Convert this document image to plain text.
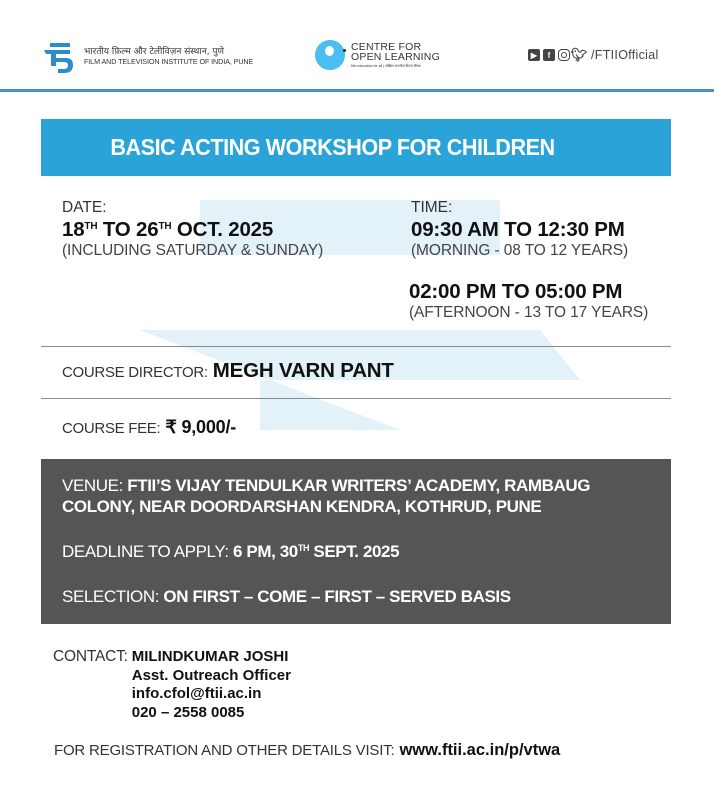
भारतीय फ़िल्म और टेलीविज़न संस्थान, पुणे
FILM AND TELEVISION INSTITUTE OF INDIA, PUNE
CENTRE FOR
OPEN LEARNING
film education for all | अखिल भारतीय फ़िल्म शिक्षा
▶	f	🐦︎ /FTIIOfficial
BASIC ACTING WORKSHOP FOR CHILDREN
DATE:
18TH TO 26TH OCT. 2025
(INCLUDING SATURDAY & SUNDAY)
TIME:
09:30 AM TO 12:30 PM
(MORNING - 08 TO 12 YEARS)
02:00 PM TO 05:00 PM
(AFTERNOON - 13 TO 17 YEARS)
COURSE DIRECTOR: MEGH VARN PANT
COURSE FEE: ₹ 9,000/-
VENUE: FTII’S VIJAY TENDULKAR WRITERS’ ACADEMY, RAMBAUG
COLONY, NEAR DOORDARSHAN KENDRA, KOTHRUD, PUNE
DEADLINE TO APPLY: 6 PM, 30TH SEPT. 2025
SELECTION: ON FIRST – COME – FIRST – SERVED BASIS
CONTACT: MILINDKUMAR JOSHI
Asst. Outreach Officer
info.cfol@ftii.ac.in
020 – 2558 0085
FOR REGISTRATION AND OTHER DETAILS VISIT: www.ftii.ac.in/p/vtwa
